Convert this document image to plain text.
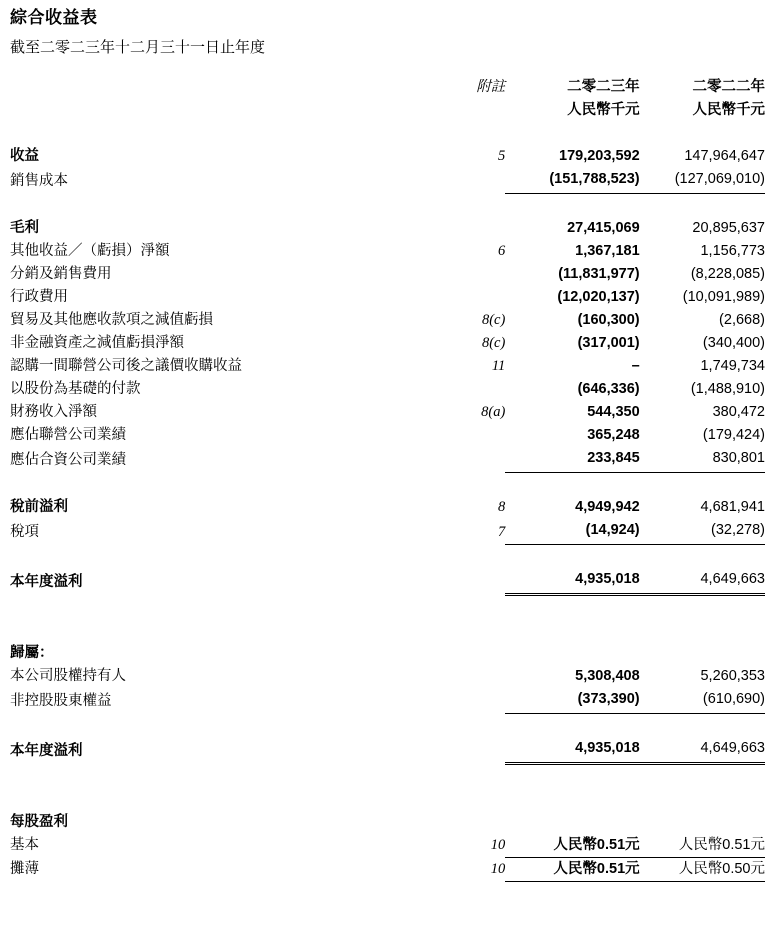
綜合收益表
截至二零二三年十二月三十一日止年度
	附註	二零二三年	二零二二年
		人民幣千元	人民幣千元

收益	5	179,203,592	147,964,647
銷售成本		(151,788,523)	(127,069,010)

毛利		27,415,069	20,895,637
其他收益／（虧損）淨額	6	1,367,181	1,156,773
分銷及銷售費用		(11,831,977)	(8,228,085)
行政費用		(12,020,137)	(10,091,989)
貿易及其他應收款項之減值虧損	8(c)	(160,300)	(2,668)
非金融資產之減值虧損淨額	8(c)	(317,001)	(340,400)
認購一間聯營公司後之議價收購收益	11	–	1,749,734
以股份為基礎的付款		(646,336)	(1,488,910)
財務收入淨額	8(a)	544,350	380,472
應佔聯營公司業績		365,248	(179,424)
應佔合資公司業績		233,845	830,801

稅前溢利	8	4,949,942	4,681,941
稅項	7	(14,924)	(32,278)

本年度溢利		4,935,018	4,649,663

歸屬：			
本公司股權持有人		5,308,408	5,260,353
非控股股東權益		(373,390)	(610,690)

本年度溢利		4,935,018	4,649,663

每股盈利			
基本	10	人民幣0.51元	人民幣0.51元
攤薄	10	人民幣0.51元	人民幣0.50元
